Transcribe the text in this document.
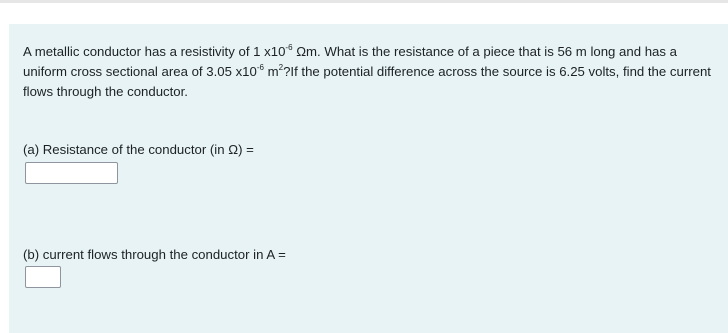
A metallic conductor has a resistivity of 1 $x10^{-6}$ Ωm. What is the resistance of a piece that is 56 m long and has a uniform cross sectional area of 3.05 $x10^{-6}$ $m^2?If$ the potential difference across the source is 6.25 volts, find the current flows through the conductor.

(a) Resistance of the conductor (in Ω) =
(b) current flows through the conductor in A =
